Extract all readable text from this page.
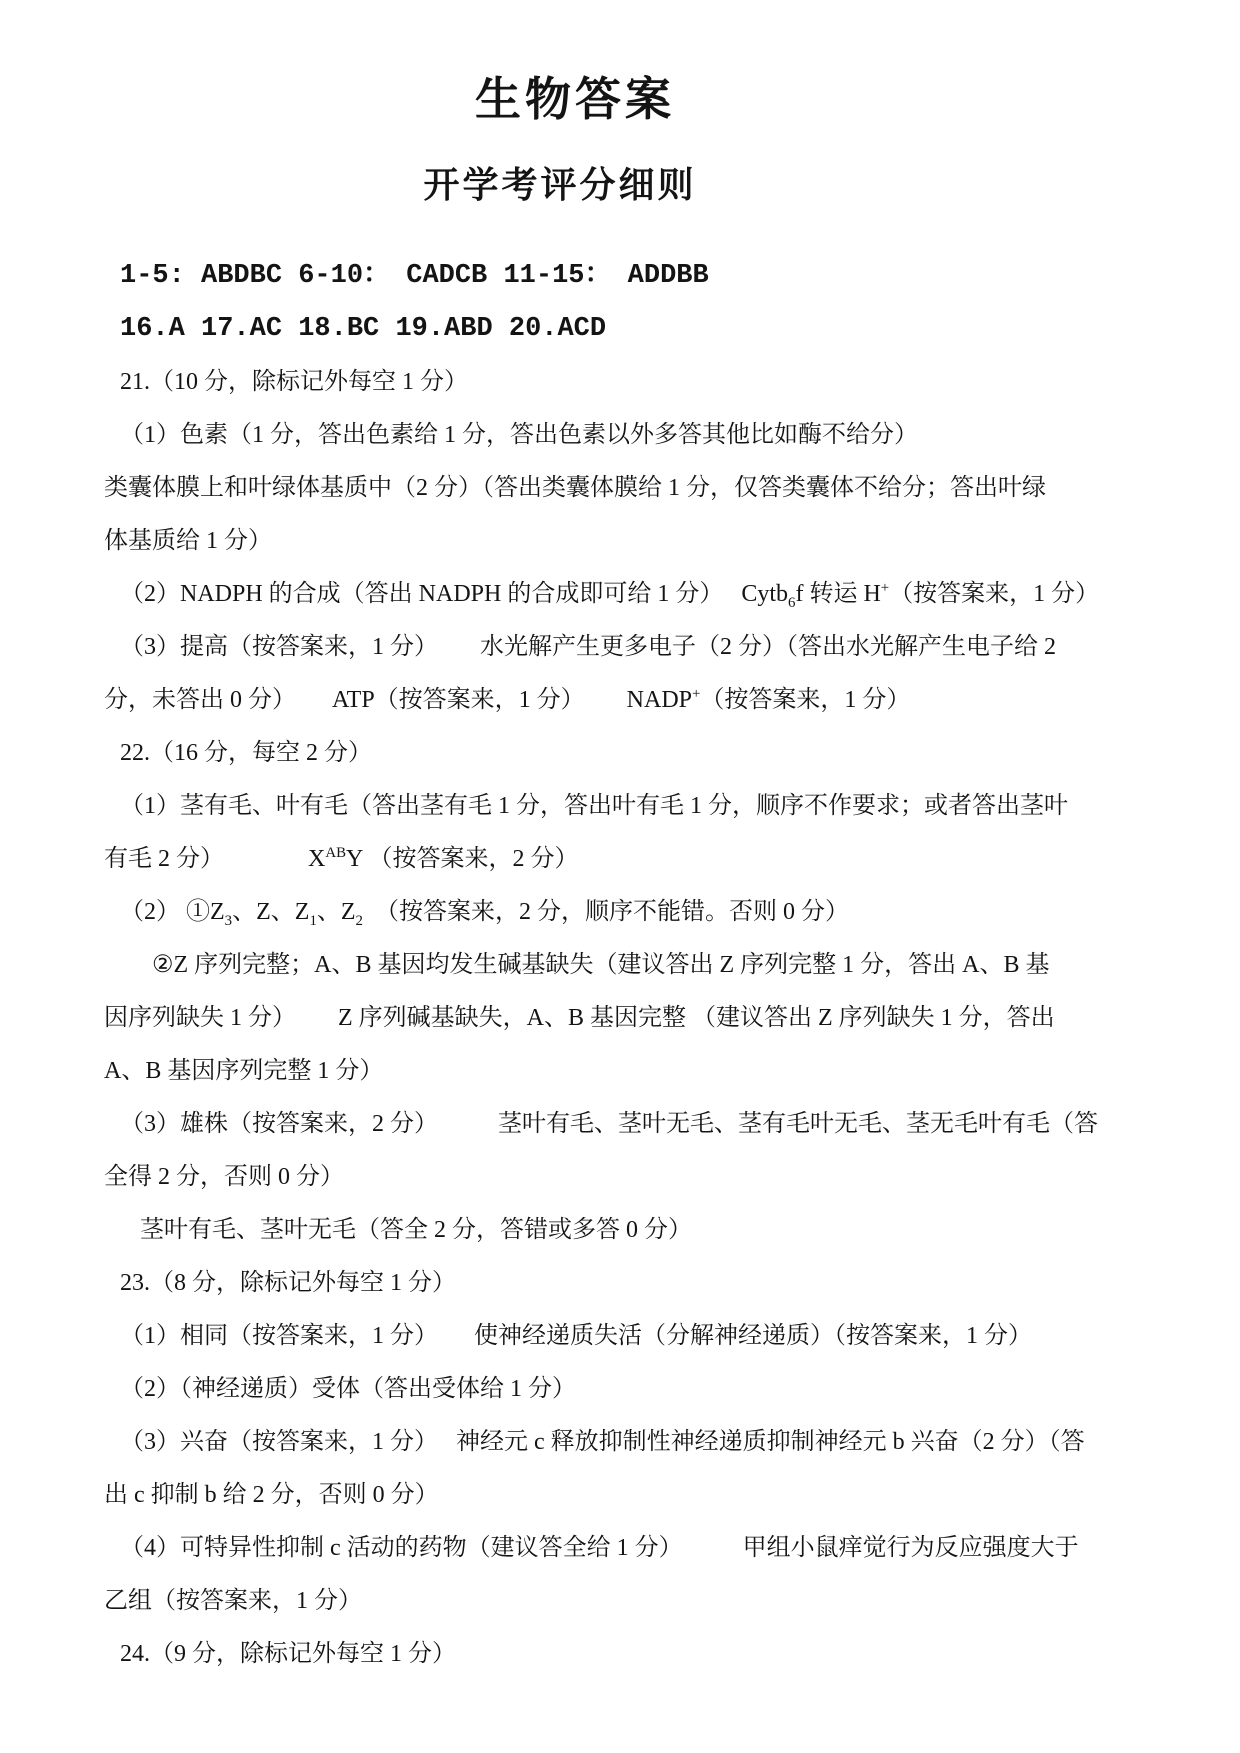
生物答案
开学考评分细则
1-5: ABDBC 6-10： CADCB 11-15： ADDBB
16.A 17.AC 18.BC 19.ABD 20.ACD
21.（10 分，除标记外每空 1 分）
（1）色素（1 分，答出色素给 1 分，答出色素以外多答其他比如酶不给分）
类囊体膜上和叶绿体基质中（2 分）（答出类囊体膜给 1 分，仅答类囊体不给分；答出叶绿
体基质给 1 分）
（2）NADPH 的合成（答出 NADPH 的合成即可给 1 分）　 Cytb$_6$f 转运 H+（按答案来，1 分）
（3）提高（按答案来，1 分）　　 水光解产生更多电子（2 分）（答出水光解产生电子给 2
分，未答出 0 分）　　ATP（按答案来，1 分）　　 NADP+（按答案来，1 分）
22.（16 分，每空 2 分）
（1）茎有毛、叶有毛（答出茎有毛 1 分，答出叶有毛 1 分，顺序不作要求；或者答出茎叶
有毛 2 分）　　　　$X^{AB}Y$ （按答案来，2 分）
（2） $①Z_3$、Z、$Z_1$、$Z_2$　（按答案来，2 分，顺序不能错。否则 0 分）
②Z 序列完整；A、B 基因均发生碱基缺失（建议答出 Z 序列完整 1 分，答出 A、B 基
因序列缺失 1 分）　　 Z 序列碱基缺失，A、B 基因完整 （建议答出 Z 序列缺失 1 分，答出
A、B 基因序列完整 1 分）
（3）雄株（按答案来，2 分）　　　茎叶有毛、茎叶无毛、茎有毛叶无毛、茎无毛叶有毛（答
全得 2 分，否则 0 分）
茎叶有毛、茎叶无毛（答全 2 分，答错或多答 0 分）
23.（8 分，除标记外每空 1 分）
（1）相同（按答案来，1 分）　　使神经递质失活（分解神经递质）（按答案来，1 分）
（2）（神经递质）受体（答出受体给 1 分）
（3）兴奋（按答案来，1 分）　 神经元 c 释放抑制性神经递质抑制神经元 b 兴奋（2 分）（答
出 c 抑制 b 给 2 分，否则 0 分）
（4）可特异性抑制 c 活动的药物（建议答全给 1 分）　　　甲组小鼠痒觉行为反应强度大于
乙组（按答案来，1 分）
24.（9 分，除标记外每空 1 分）
